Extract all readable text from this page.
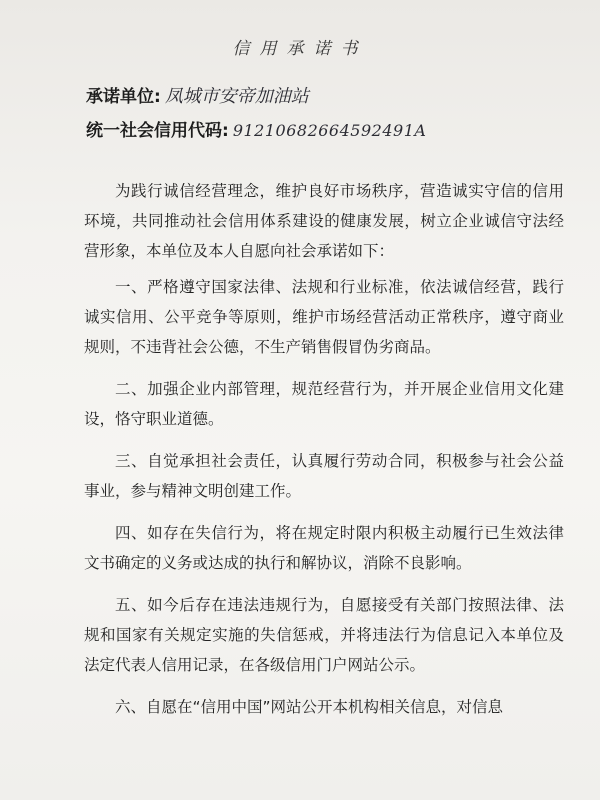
信用承诺书
承诺单位: 凤城市安帝加油站
统一社会信用代码: 91210682664592491A

为践行诚信经营理念，维护良好市场秩序，营造诚实守信的信用环境，共同推动社会信用体系建设的健康发展，树立企业诚信守法经营形象，本单位及本人自愿向社会承诺如下：

一、严格遵守国家法律、法规和行业标准，依法诚信经营，践行诚实信用、公平竞争等原则，维护市场经营活动正常秩序，遵守商业规则，不违背社会公德，不生产销售假冒伪劣商品。

二、加强企业内部管理，规范经营行为，并开展企业信用文化建设，恪守职业道德。

三、自觉承担社会责任，认真履行劳动合同，积极参与社会公益事业，参与精神文明创建工作。

四、如存在失信行为，将在规定时限内积极主动履行已生效法律文书确定的义务或达成的执行和解协议，消除不良影响。

五、如今后存在违法违规行为，自愿接受有关部门按照法律、法规和国家有关规定实施的失信惩戒，并将违法行为信息记入本单位及法定代表人信用记录，在各级信用门户网站公示。

六、自愿在“信用中国”网站公开本机构相关信息，对信息
